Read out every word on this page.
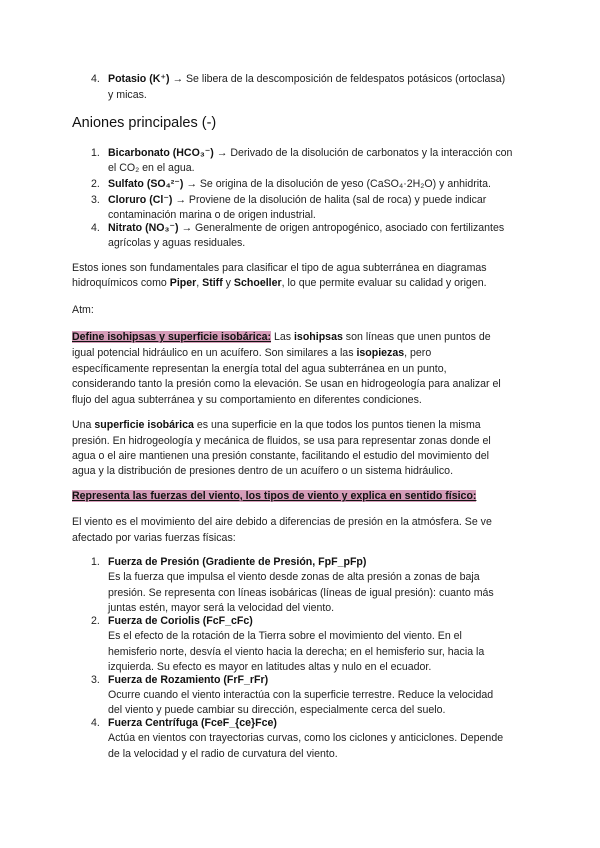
4. Potasio (K⁺) → Se libera de la descomposición de feldespatos potásicos (ortoclasa)
y micas.
Aniones principales (-)
1. Bicarbonato (HCO₃⁻) → Derivado de la disolución de carbonatos y la interacción con
el CO₂ en el agua.
2. Sulfato (SO₄²⁻) → Se origina de la disolución de yeso (CaSO₄·2H₂O) y anhidrita.
3. Cloruro (Cl⁻) → Proviene de la disolución de halita (sal de roca) y puede indicar
contaminación marina o de origen industrial.
4. Nitrato (NO₃⁻) → Generalmente de origen antropogénico, asociado con fertilizantes
agrícolas y aguas residuales.
Estos iones son fundamentales para clasificar el tipo de agua subterránea en diagramas
hidroquímicos como Piper, Stiff y Schoeller, lo que permite evaluar su calidad y origen.
Atm:
Define isohipsas y superficie isobárica: Las isohipsas son líneas que unen puntos de
igual potencial hidráulico en un acuífero. Son similares a las isopiezas, pero
específicamente representan la energía total del agua subterránea en un punto,
considerando tanto la presión como la elevación. Se usan en hidrogeología para analizar el
flujo del agua subterránea y su comportamiento en diferentes condiciones.
Una superficie isobárica es una superficie en la que todos los puntos tienen la misma
presión. En hidrogeología y mecánica de fluidos, se usa para representar zonas donde el
agua o el aire mantienen una presión constante, facilitando el estudio del movimiento del
agua y la distribución de presiones dentro de un acuífero o un sistema hidráulico.
Representa las fuerzas del viento, los tipos de viento y explica en sentido físico:
El viento es el movimiento del aire debido a diferencias de presión en la atmósfera. Se ve
afectado por varias fuerzas físicas:
1. Fuerza de Presión (Gradiente de Presión, FpF_pFp)
Es la fuerza que impulsa el viento desde zonas de alta presión a zonas de baja
presión. Se representa con líneas isobáricas (líneas de igual presión): cuanto más
juntas estén, mayor será la velocidad del viento.
2. Fuerza de Coriolis (FcF_cFc)
Es el efecto de la rotación de la Tierra sobre el movimiento del viento. En el
hemisferio norte, desvía el viento hacia la derecha; en el hemisferio sur, hacia la
izquierda. Su efecto es mayor en latitudes altas y nulo en el ecuador.
3. Fuerza de Rozamiento (FrF_rFr)
Ocurre cuando el viento interactúa con la superficie terrestre. Reduce la velocidad
del viento y puede cambiar su dirección, especialmente cerca del suelo.
4. Fuerza Centrífuga (FceF_{ce}Fce)
Actúa en vientos con trayectorias curvas, como los ciclones y anticiclones. Depende
de la velocidad y el radio de curvatura del viento.
